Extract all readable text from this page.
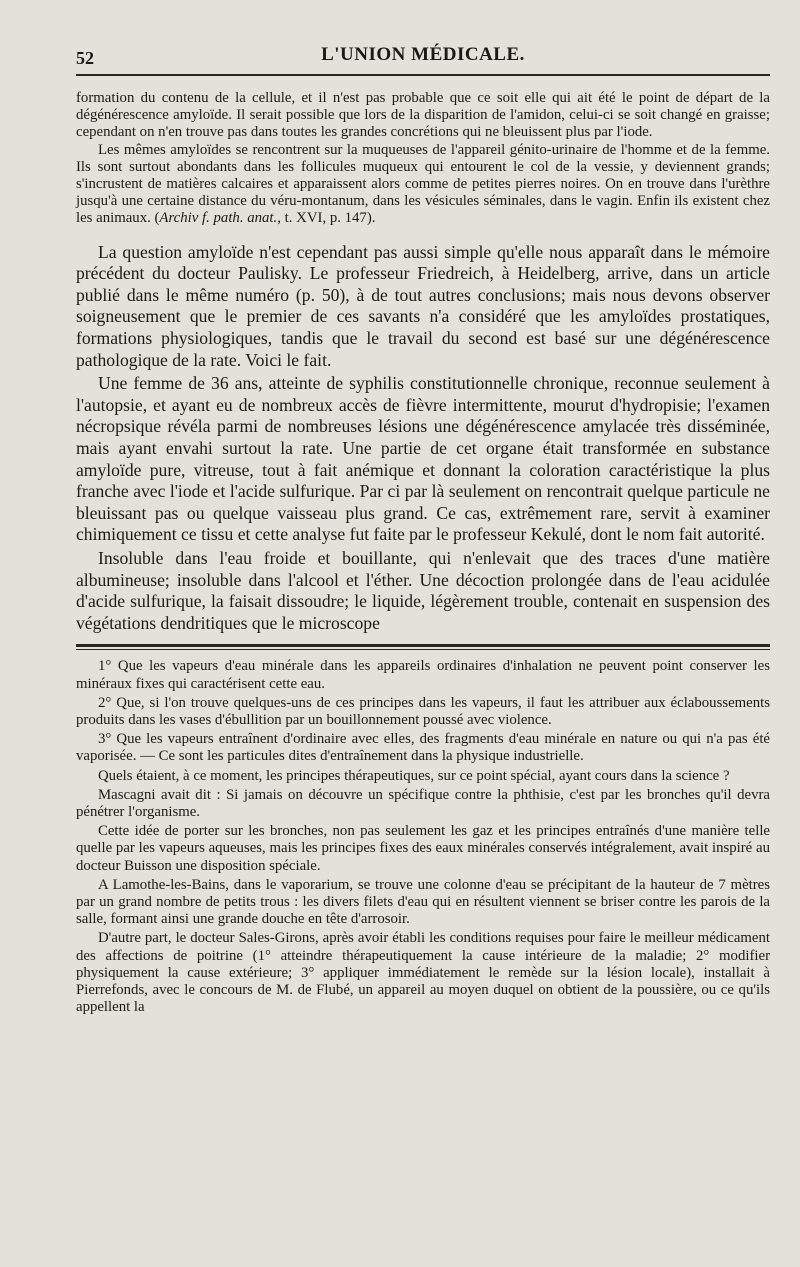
52	L'UNION MÉDICALE.

formation du contenu de la cellule, et il n'est pas probable que ce soit elle qui ait été le point de départ de la dégénérescence amyloïde. Il serait possible que lors de la disparition de l'amidon, celui-ci se soit changé en graisse; cependant on n'en trouve pas dans toutes les grandes concrétions qui ne bleuissent plus par l'iode.

Les mêmes amyloïdes se rencontrent sur la muqueuses de l'appareil génito-urinaire de l'homme et de la femme. Ils sont surtout abondants dans les follicules muqueux qui entourent le col de la vessie, y deviennent grands; s'incrustent de matières calcaires et apparaissent alors comme de petites pierres noires. On en trouve dans l'urèthre jusqu'à une certaine distance du véru-montanum, dans les vésicules séminales, dans le vagin. Enfin ils existent chez les animaux. (Archiv f. path. anat., t. XVI, p. 147).

La question amyloïde n'est cependant pas aussi simple qu'elle nous apparaît dans le mémoire précédent du docteur Paulisky. Le professeur Friedreich, à Heidelberg, arrive, dans un article publié dans le même numéro (p. 50), à de tout autres conclusions; mais nous devons observer soigneusement que le premier de ces savants n'a considéré que les amyloïdes prostatiques, formations physiologiques, tandis que le travail du second est basé sur une dégénérescence pathologique de la rate. Voici le fait.

Une femme de 36 ans, atteinte de syphilis constitutionnelle chronique, reconnue seulement à l'autopsie, et ayant eu de nombreux accès de fièvre intermittente, mourut d'hydropisie; l'examen nécropsique révéla parmi de nombreuses lésions une dégénérescence amylacée très disséminée, mais ayant envahi surtout la rate. Une partie de cet organe était transformée en substance amyloïde pure, vitreuse, tout à fait anémique et donnant la coloration caractéristique la plus franche avec l'iode et l'acide sulfurique. Par ci par là seulement on rencontrait quelque particule ne bleuissant pas ou quelque vaisseau plus grand. Ce cas, extrêmement rare, servit à examiner chimiquement ce tissu et cette analyse fut faite par le professeur Kekulé, dont le nom fait autorité.

Insoluble dans l'eau froide et bouillante, qui n'enlevait que des traces d'une matière albumineuse; insoluble dans l'alcool et l'éther. Une décoction prolongée dans de l'eau acidulée d'acide sulfurique, la faisait dissoudre; le liquide, légèrement trouble, contenait en suspension des végétations dendritiques que le microscope

1° Que les vapeurs d'eau minérale dans les appareils ordinaires d'inhalation ne peuvent point conserver les minéraux fixes qui caractérisent cette eau.

2° Que, si l'on trouve quelques-uns de ces principes dans les vapeurs, il faut les attribuer aux éclaboussements produits dans les vases d'ébullition par un bouillonnement poussé avec violence.

3° Que les vapeurs entraînent d'ordinaire avec elles, des fragments d'eau minérale en nature ou qui n'a pas été vaporisée. — Ce sont les particules dites d'entraînement dans la physique industrielle.

Quels étaient, à ce moment, les principes thérapeutiques, sur ce point spécial, ayant cours dans la science ?

Mascagni avait dit : Si jamais on découvre un spécifique contre la phthisie, c'est par les bronches qu'il devra pénétrer l'organisme.

Cette idée de porter sur les bronches, non pas seulement les gaz et les principes entraînés d'une manière telle quelle par les vapeurs aqueuses, mais les principes fixes des eaux minérales conservés intégralement, avait inspiré au docteur Buisson une disposition spéciale.

A Lamothe-les-Bains, dans le vaporarium, se trouve une colonne d'eau se précipitant de la hauteur de 7 mètres par un grand nombre de petits trous : les divers filets d'eau qui en résultent viennent se briser contre les parois de la salle, formant ainsi une grande douche en tête d'arrosoir.

D'autre part, le docteur Sales-Girons, après avoir établi les conditions requises pour faire le meilleur médicament des affections de poitrine (1° atteindre thérapeutiquement la cause intérieure de la maladie; 2° modifier physiquement la cause extérieure; 3° appliquer immédiatement le remède sur la lésion locale), installait à Pierrefonds, avec le concours de M. de Flubé, un appareil au moyen duquel on obtient de la poussière, ou ce qu'ils appellent la
